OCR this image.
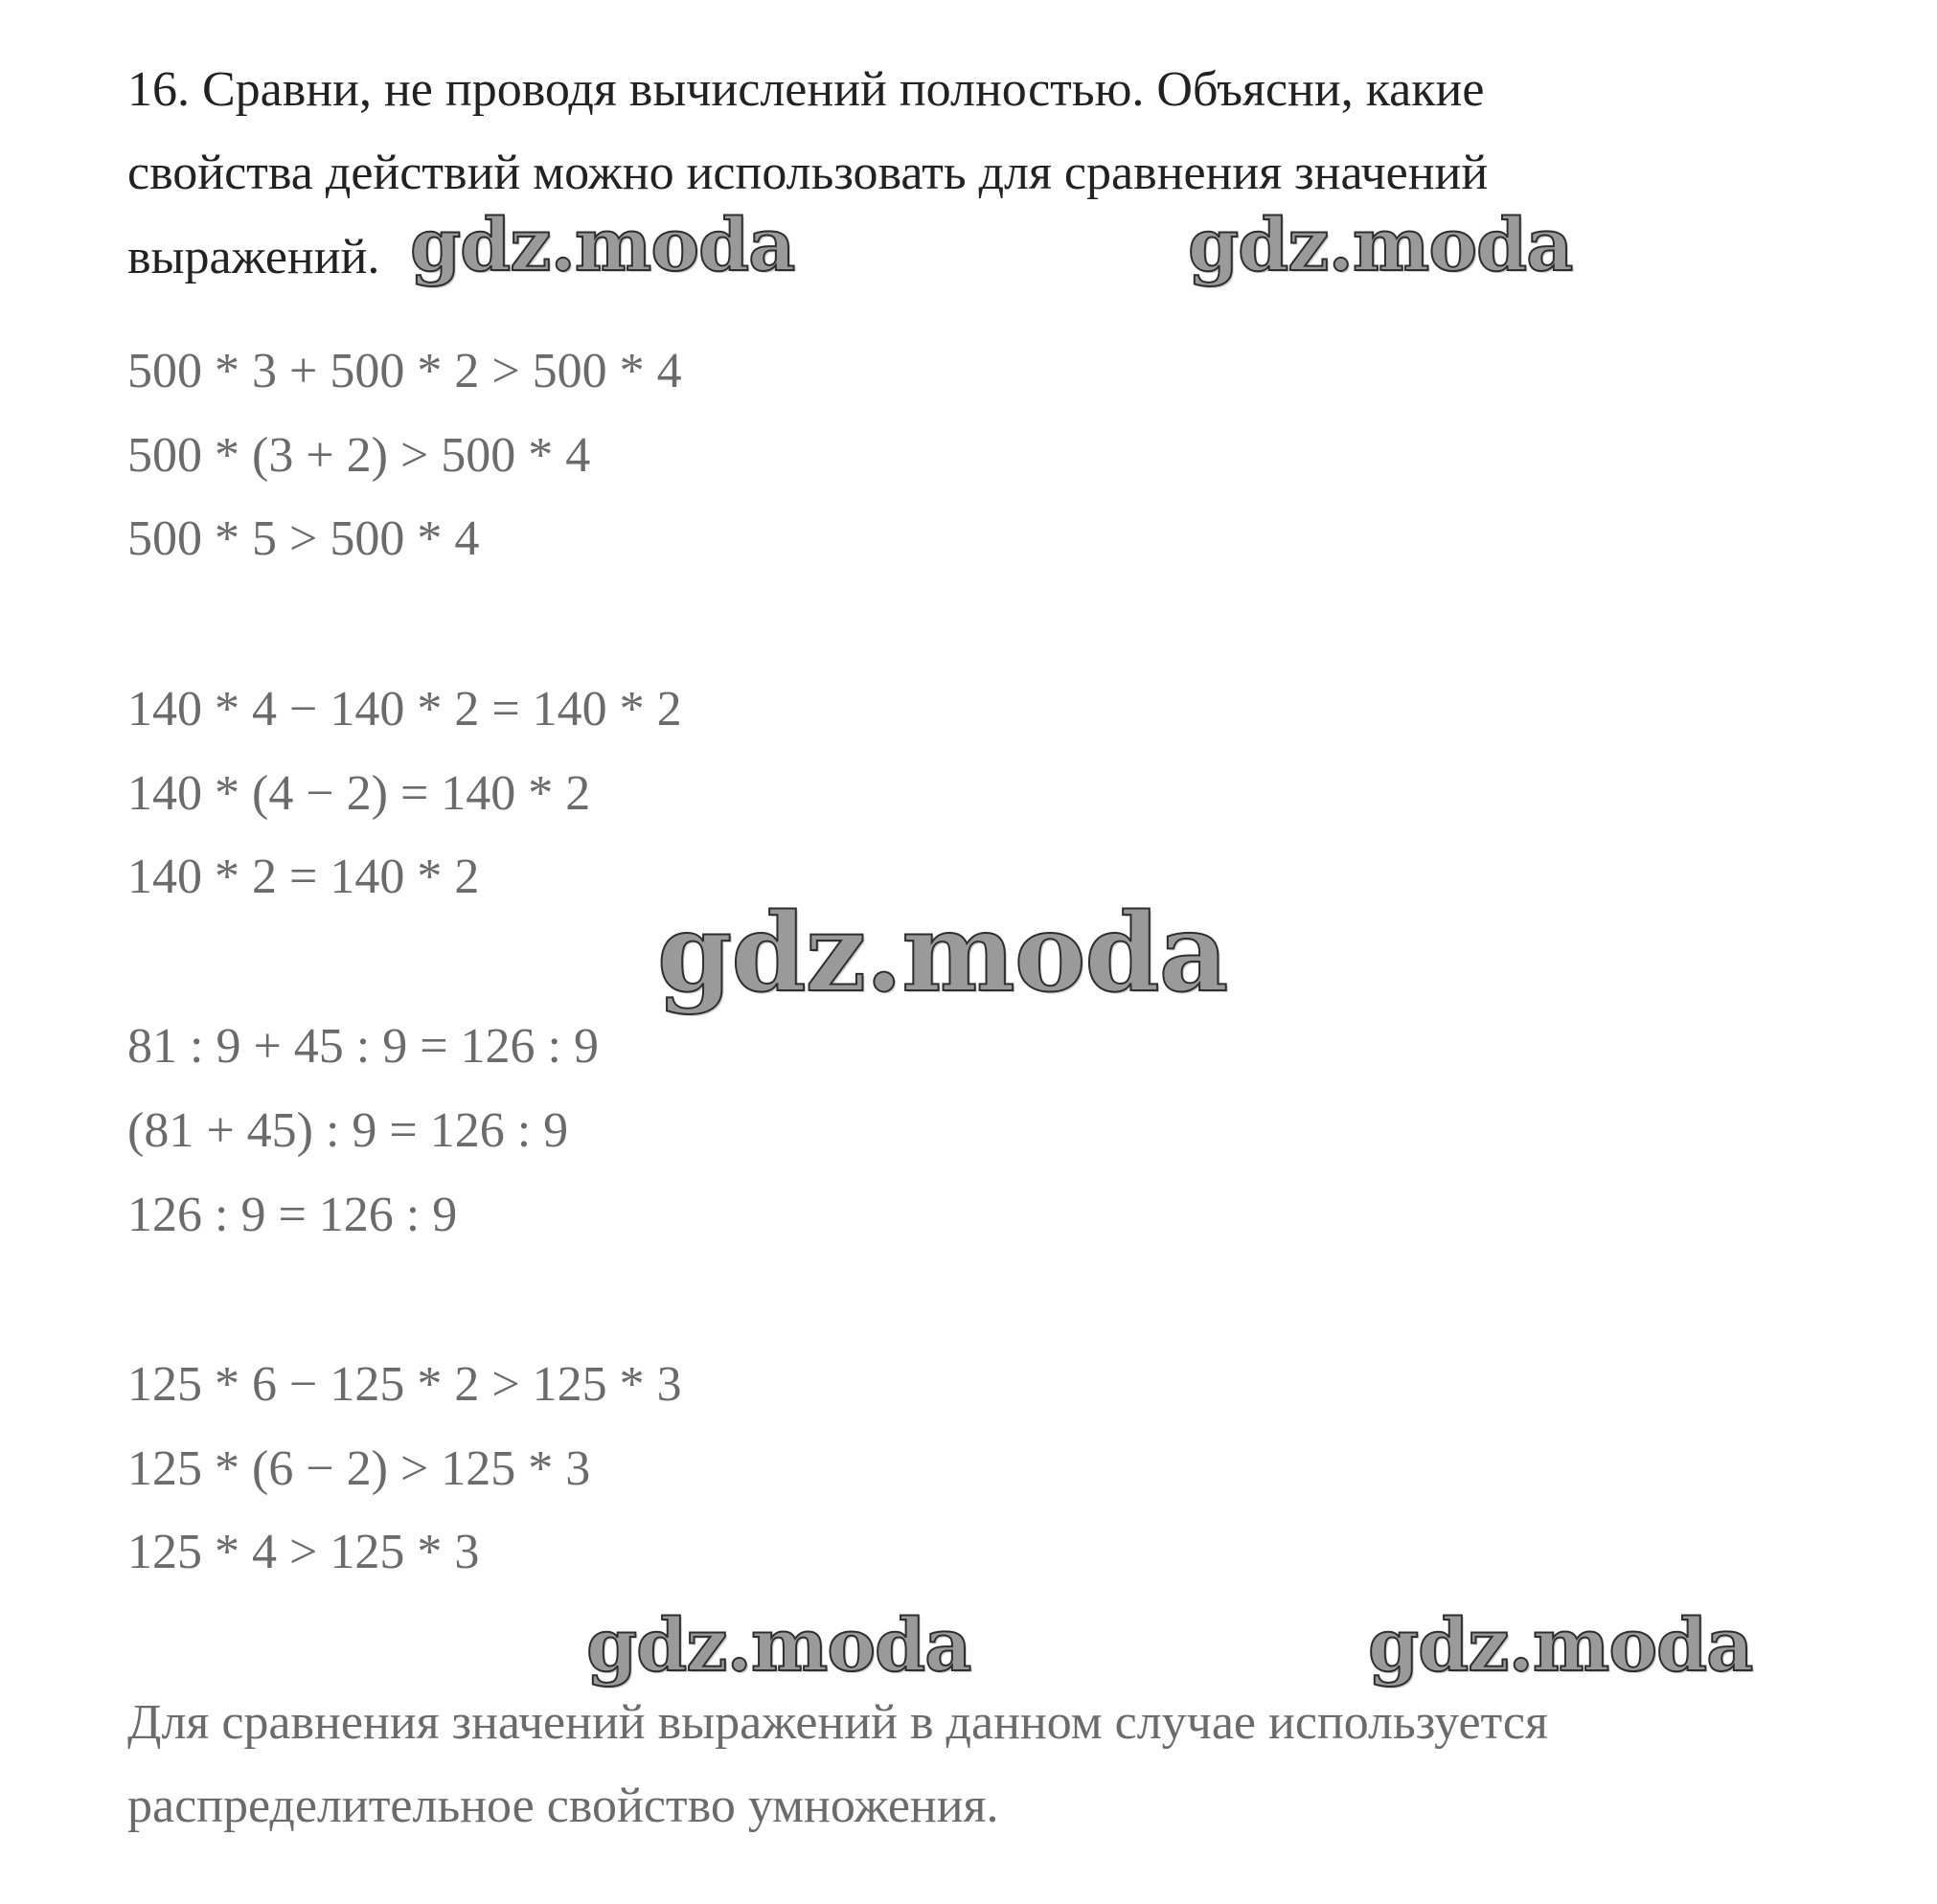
16. Сравни, не проводя вычислений полностью. Объясни, какие
свойства действий можно использовать для сравнения значений
выражений.
500 * 3 + 500 * 2 > 500 * 4
500 * (3 + 2) > 500 * 4
500 * 5 > 500 * 4
140 * 4 − 140 * 2 = 140 * 2
140 * (4 − 2) = 140 * 2
140 * 2 = 140 * 2
81 : 9 + 45 : 9 = 126 : 9
(81 + 45) : 9 = 126 : 9
126 : 9 = 126 : 9
125 * 6 − 125 * 2 > 125 * 3
125 * (6 − 2) > 125 * 3
125 * 4 > 125 * 3
Для сравнения значений выражений в данном случае используется
распределительное свойство умножения.
gdz.moda	gdz.moda
gdz.moda
gdz.moda	gdz.moda
